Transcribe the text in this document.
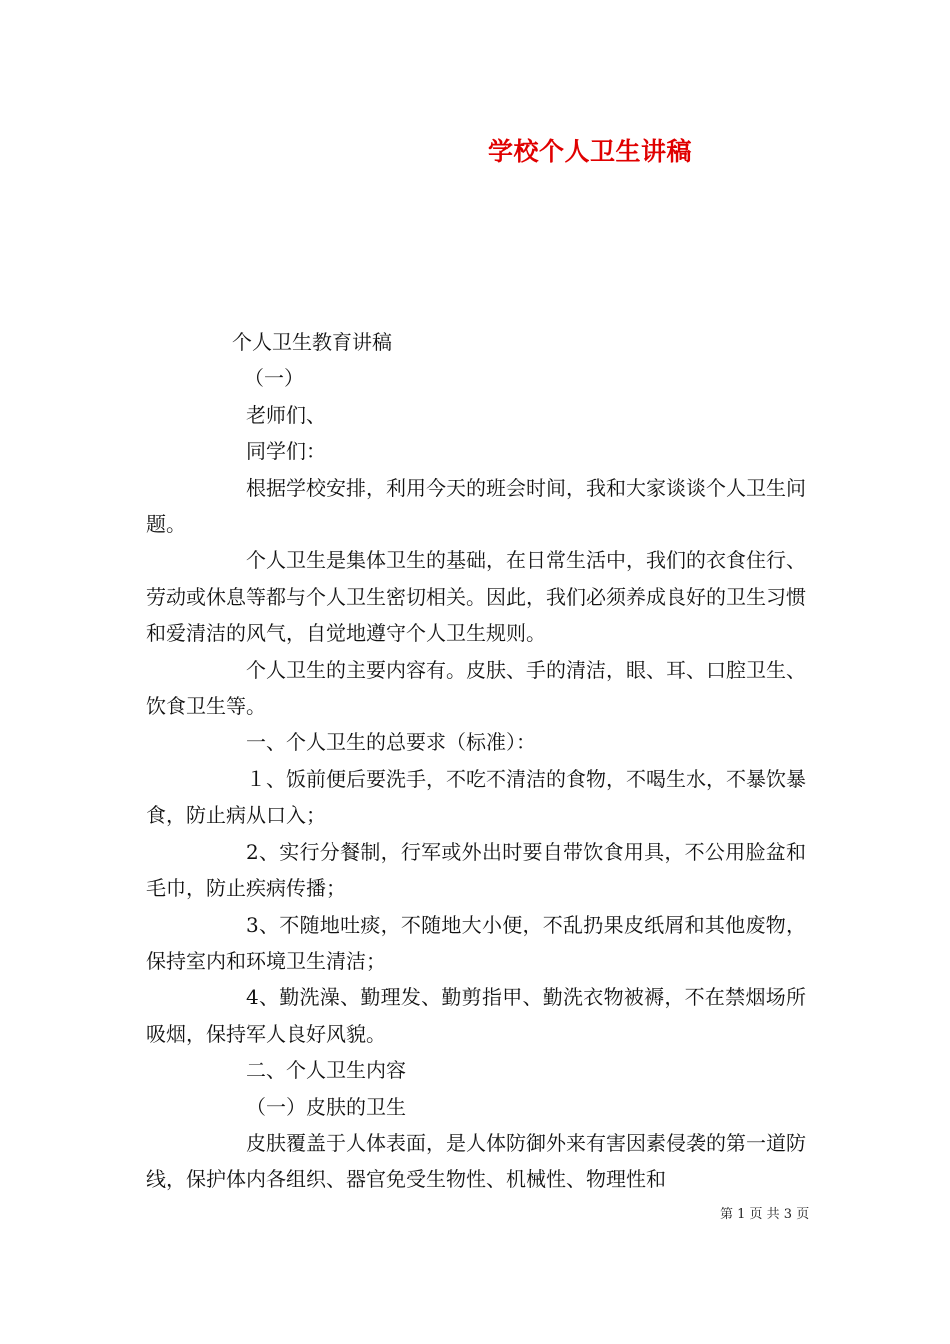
学校个人卫生讲稿

个人卫生教育讲稿

（一）

老师们、

同学们：

根据学校安排，利用今天的班会时间，我和大家谈谈个人卫生问题。

个人卫生是集体卫生的基础，在日常生活中，我们的衣食住行、劳动或休息等都与个人卫生密切相关。因此，我们必须养成良好的卫生习惯和爱清洁的风气，自觉地遵守个人卫生规则。

个人卫生的主要内容有。皮肤、手的清洁，眼、耳、口腔卫生、饮食卫生等。

一、个人卫生的总要求（标准）：

１、饭前便后要洗手，不吃不清洁的食物，不喝生水，不暴饮暴食，防止病从口入；

2、实行分餐制，行军或外出时要自带饮食用具，不公用脸盆和毛巾，防止疾病传播；

3、不随地吐痰，不随地大小便，不乱扔果皮纸屑和其他废物，保持室内和环境卫生清洁；

4、勤洗澡、勤理发、勤剪指甲、勤洗衣物被褥，不在禁烟场所吸烟，保持军人良好风貌。

二、个人卫生内容

（一）皮肤的卫生

皮肤覆盖于人体表面，是人体防御外来有害因素侵袭的第一道防线，保护体内各组织、器官免受生物性、机械性、物理性和

第 1 页 共 3 页
